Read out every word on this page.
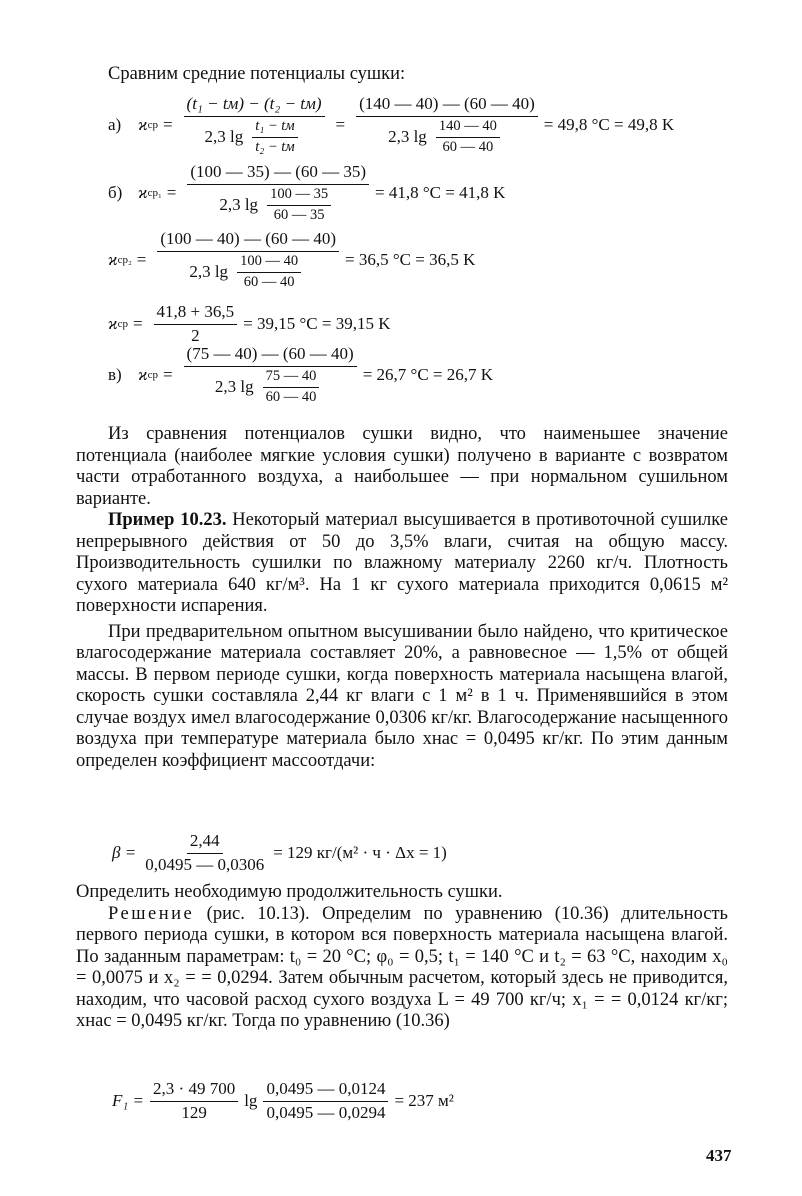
Сравним средние потенциалы сушки:
а) ϰ ср = $\frac{\text{(t₁ − tм) − (t₂ − tм)}}{2,3 \lg \frac{\text{t₁ − tм}}{\text{t₂ − tм}}} = \frac{(140 — 40) — (60 — 40)}{2,3 \lg \frac{140 — 40}{60 — 40}} = 49,8$ °C = 49,8 K
б) ϰ $ср_1 = \frac{(100 — 35) — (60 — 35)}{2,3 \lg \frac{100 — 35}{60 — 35}} = 41,8$ °C = 41,8 K
ϰ $ср_2 = \frac{(100 — 40) — (60 — 40)}{2,3 \lg \frac{100 — 40}{60 — 40}} = 36,5$ °C = 36,5 K
ϰ ср = $\frac{41,8 + 36,5}{2} = 39,15$ °C = 39,15 K
в) ϰ ср = $\frac{(75 — 40) — (60 — 40)}{2,3 \lg \frac{75 — 40}{60 — 40}} = 26,7$ °C = 26,7 K

Из сравнения потенциалов сушки видно, что наименьшее значение потенциала (наиболее мягкие условия сушки) получено в варианте с возвратом части отработанного воздуха, а наибольшее — при нормальном сушильном варианте.

Пример 10.23. Некоторый материал высушивается в противоточной сушилке непрерывного действия от 50 до 3,5% влаги, считая на общую массу. Производительность сушилки по влажному материалу 2260 кг/ч. Плотность сухого материала 640 кг/м³. На 1 кг сухого материала приходится 0,0615 м² поверхности испарения.

При предварительном опытном высушивании было найдено, что критическое влагосодержание материала составляет 20%, а равновесное — 1,5% от общей массы. В первом периоде сушки, когда поверхность материала насыщена влагой, скорость сушки составляла 2,44 кг влаги с 1 м² в 1 ч. Применявшийся в этом случае воздух имел влагосодержание 0,0306 кг/кг. Влагосодержание насыщенного воздуха при температуре материала было xнас = 0,0495 кг/кг. По этим данным определен коэффициент массоотдачи:

$\beta = \frac{2,44}{0,0495 — 0,0306} = 129$ кг/(м² · ч · Δx = 1)

Определить необходимую продолжительность сушки.

Решение (рис. 10.13). Определим по уравнению (10.36) длительность первого периода сушки, в котором вся поверхность материала насыщена влагой. По заданным параметрам: t₀ = 20 °C; φ₀ = 0,5; t₁ = 140 °C и t₂ = 63 °C, находим x₀ = 0,0075 и x₂ = = 0,0294. Затем обычным расчетом, который здесь не приводится, находим, что часовой расход сухого воздуха L = 49 700 кг/ч; x₁ = = 0,0124 кг/кг; xнас = 0,0495 кг/кг. Тогда по уравнению (10.36)

$F_1 = \frac{2,3 \cdot 49 700}{129}$ $\lg \frac{0,0495 — 0,0124}{0,0495 — 0,0294} = 237$ м²
437
